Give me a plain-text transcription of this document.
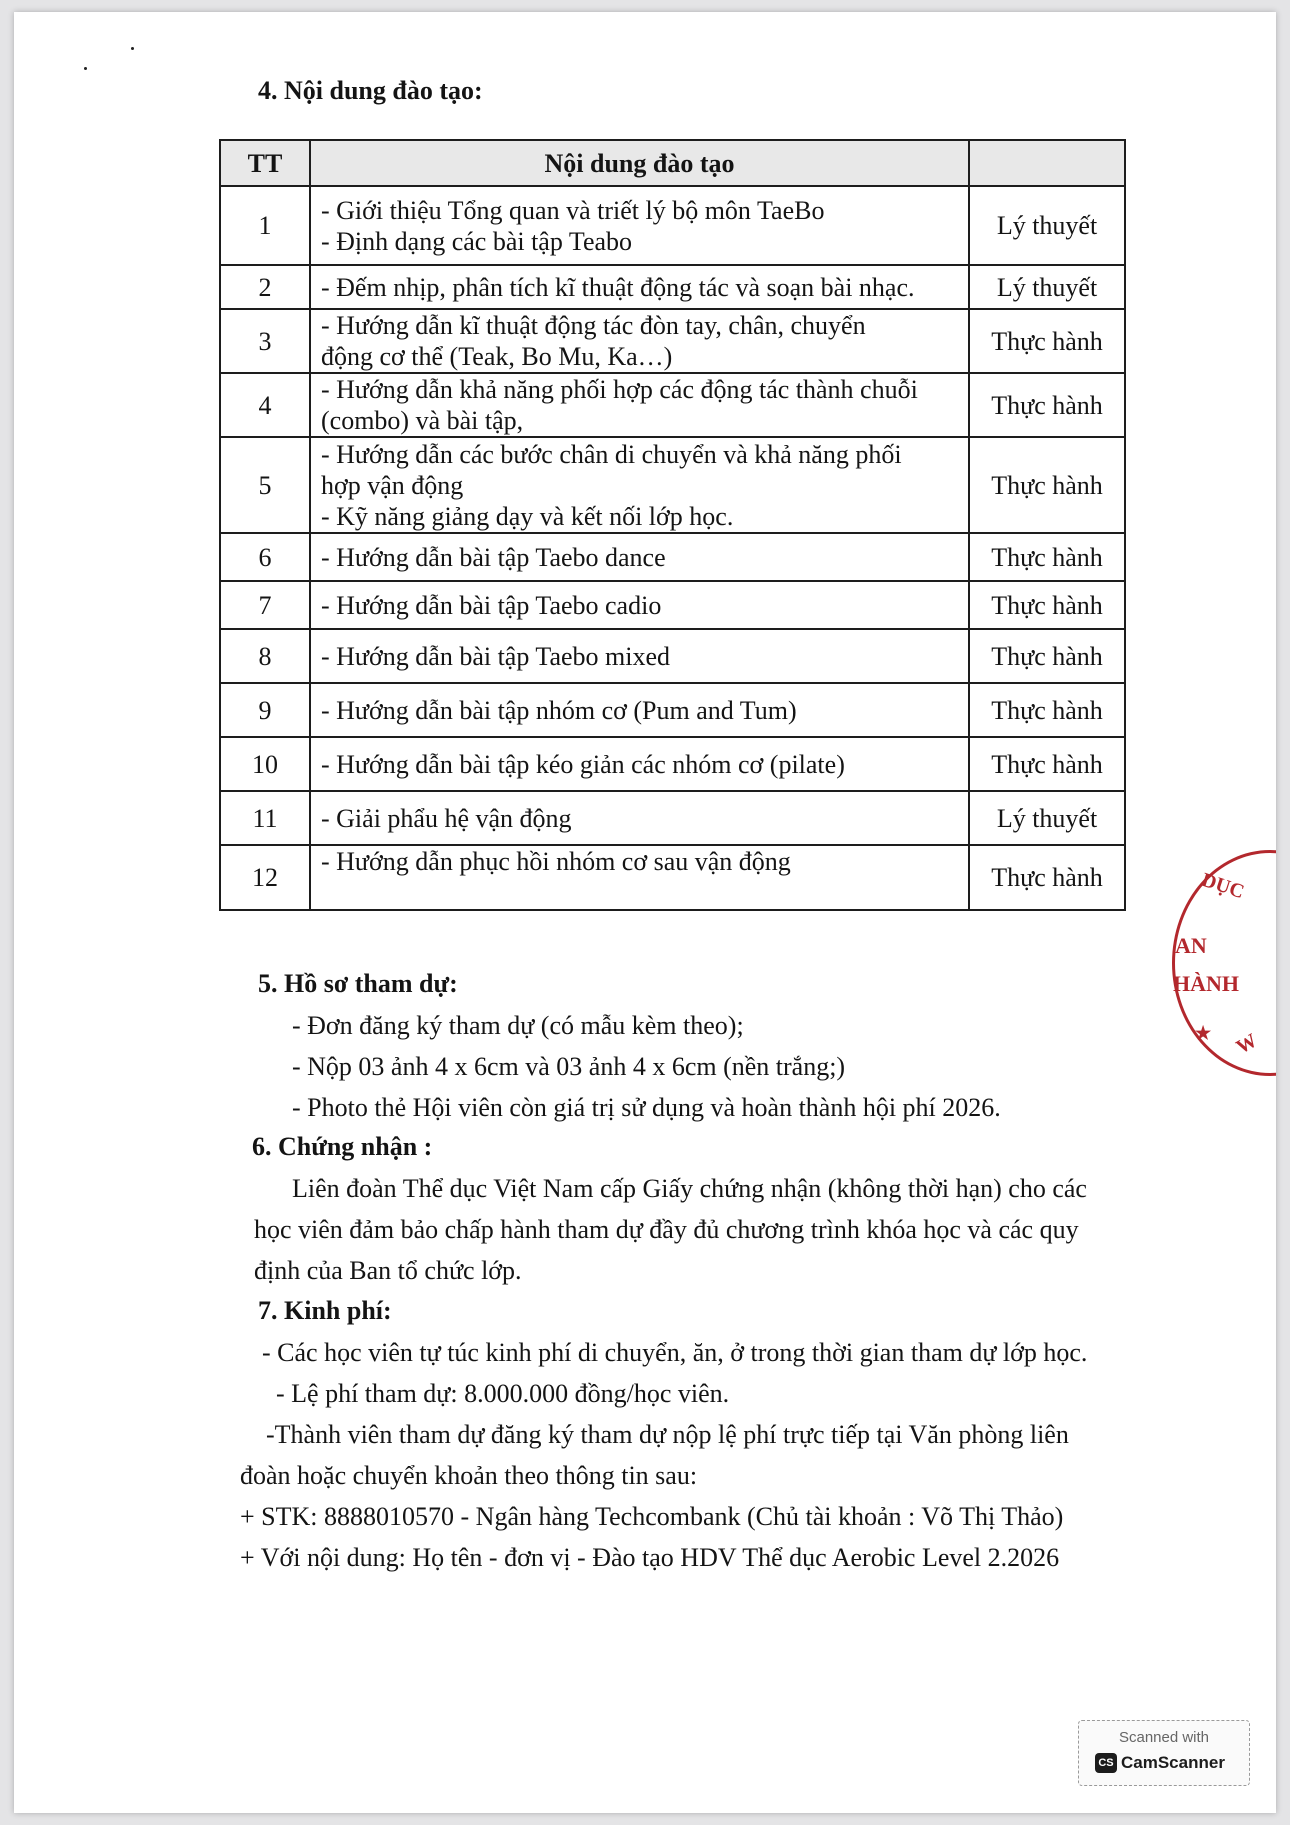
4. Nội dung đào tạo:
TT	Nội dung đào tạo	
1	- Giới thiệu Tổng quan và triết lý bộ môn TaeBo
- Định dạng các bài tập Teabo	Lý thuyết
2	- Đếm nhịp, phân tích kĩ thuật động tác và soạn bài nhạc.	Lý thuyết
3	- Hướng dẫn kĩ thuật động tác đòn tay, chân, chuyển
động cơ thể (Teak, Bo Mu, Ka…)	Thực hành
4	- Hướng dẫn khả năng phối hợp các động tác thành chuỗi
(combo) và bài tập,	Thực hành
5	- Hướng dẫn các bước chân di chuyển và khả năng phối
hợp vận động
- Kỹ năng giảng dạy và kết nối lớp học.	Thực hành
6	- Hướng dẫn bài tập Taebo dance	Thực hành
7	- Hướng dẫn bài tập Taebo cadio	Thực hành
8	- Hướng dẫn bài tập Taebo mixed	Thực hành
9	- Hướng dẫn bài tập nhóm cơ (Pum and Tum)	Thực hành
10	- Hướng dẫn bài tập kéo giản các nhóm cơ (pilate)	Thực hành
11	- Giải phẩu hệ vận động	Lý thuyết
12	- Hướng dẫn phục hồi nhóm cơ sau vận động	Thực hành
5. Hồ sơ tham dự:
- Đơn đăng ký tham dự (có mẫu kèm theo);
- Nộp 03 ảnh 4 x 6cm và 03 ảnh 4 x 6cm (nền trắng;)
- Photo thẻ Hội viên còn giá trị sử dụng và hoàn thành hội phí 2026.
6. Chứng nhận :
Liên đoàn Thể dục Việt Nam cấp Giấy chứng nhận (không thời hạn) cho các
học viên đảm bảo chấp hành tham dự đầy đủ chương trình khóa học và các quy
định của Ban tổ chức lớp.
7. Kinh phí:
- Các học viên tự túc kinh phí di chuyển, ăn, ở trong thời gian tham dự lớp học.
- Lệ phí tham dự: 8.000.000 đồng/học viên.
-Thành viên tham dự đăng ký tham dự nộp lệ phí trực tiếp tại Văn phòng liên
đoàn hoặc chuyển khoản theo thông tin sau:
+ STK: 8888010570 - Ngân hàng Techcombank (Chủ tài khoản : Võ Thị Thảo)
+ Với nội dung: Họ tên - đơn vị - Đào tạo HDV Thể dục Aerobic Level 2.2026
DỤC
AN
HÀNH
★ W
Scanned with
CS CamScanner
